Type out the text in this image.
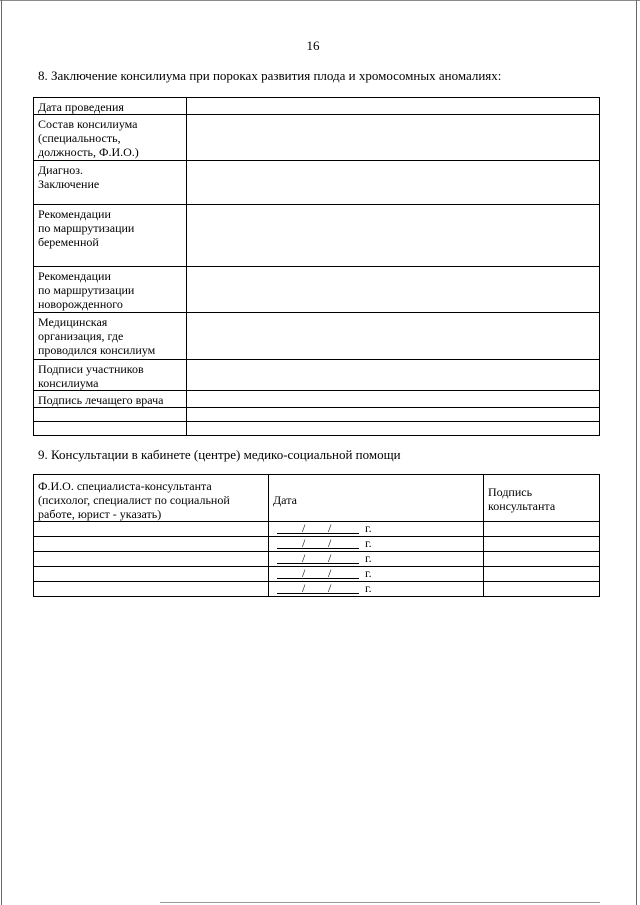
16
8. Заключение консилиума при пороках развития плода и хромосомных аномалиях:
Дата проведения	

Состав консилиума
(специальность,
должность, Ф.И.О.)	

Диагноз.
Заключение	

Рекомендации
по маршрутизации
беременной	

Рекомендации
по маршрутизации
новорожденного	

Медицинская
организация, где
проводился консилиум	

Подписи участников
консилиума	

Подпись лечащего врача	

9. Консультации в кабинете (центре) медико-социальной помощи
Ф.И.О. специалиста-консультанта
(психолог, специалист по социальной
работе, юрист - указать)	Дата	Подпись
консультанта

	/ / г.	

	/ / г.	

	/ / г.	

	/ / г.	

	/ / г.	
